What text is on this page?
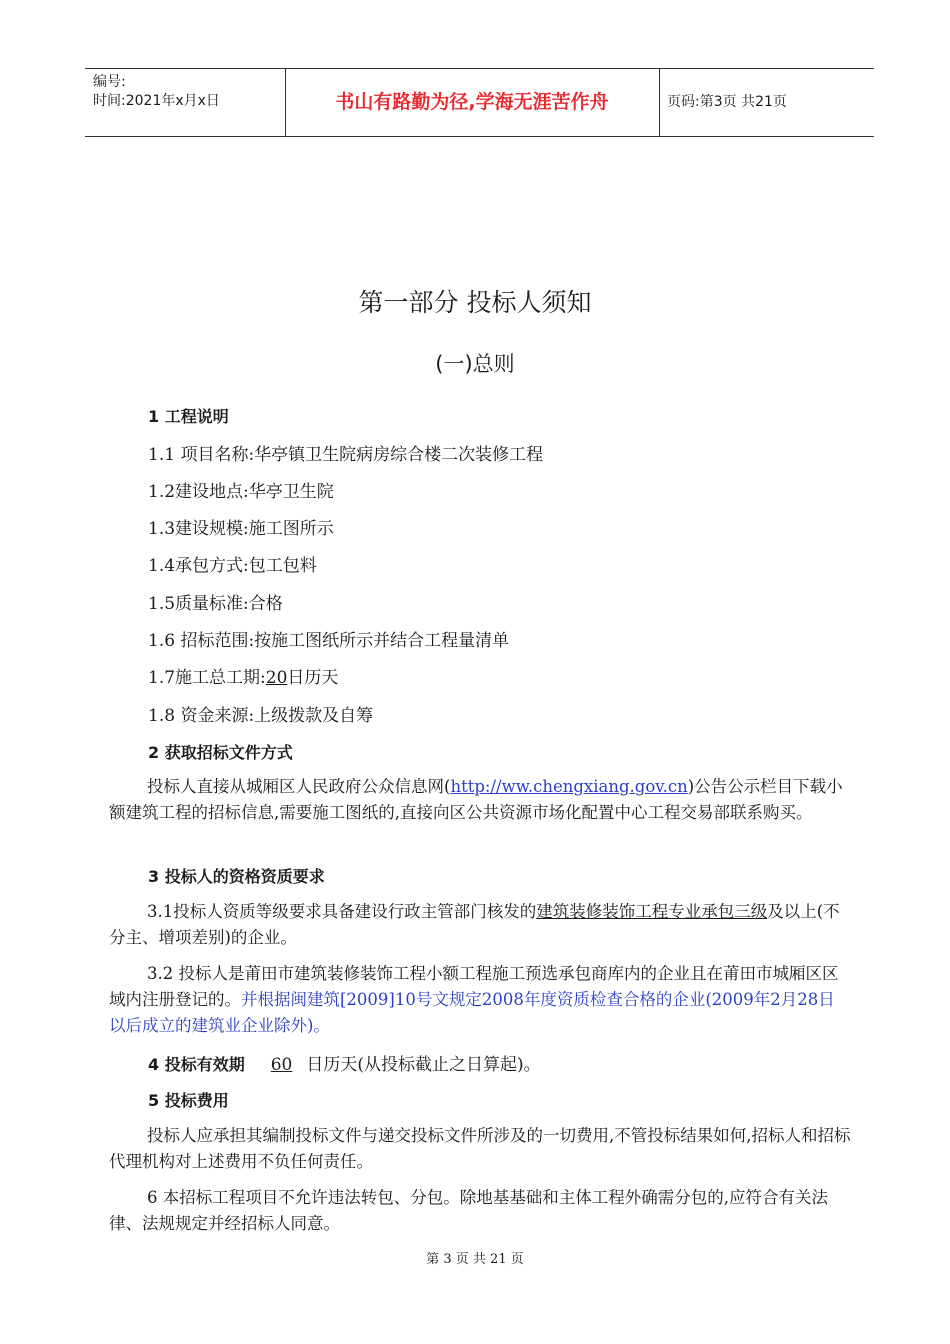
编号:
时间:2021年x月x日	书山有路勤为径,学海无涯苦作舟	页码:第3页 共21页
第一部分 投标人须知
(一)总则
1 工程说明
1.1 项目名称:华亭镇卫生院病房综合楼二次装修工程
1.2建设地点:华亭卫生院
1.3建设规模:施工图所示
1.4承包方式:包工包料
1.5质量标准:合格
1.6 招标范围:按施工图纸所示并结合工程量清单
1.7施工总工期:20日历天
1.8 资金来源:上级拨款及自筹
2 获取招标文件方式
投标人直接从城厢区人民政府公众信息网(http://ww.chengxiang.gov.cn)公告公示栏目下载小额建筑工程的招标信息,需要施工图纸的,直接向区公共资源市场化配置中心工程交易部联系购买。
3 投标人的资格资质要求
3.1投标人资质等级要求具备建设行政主管部门核发的建筑装修装饰工程专业承包三级及以上(不分主、增项差别)的企业。
3.2 投标人是莆田市建筑装修装饰工程小额工程施工预选承包商库内的企业且在莆田市城厢区区域内注册登记的。并根据闽建筑[2009]10号文规定2008年度资质检查合格的企业(2009年2月28日以后成立的建筑业企业除外)。
4 投标有效期 60 日历天(从投标截止之日算起)。
5 投标费用
投标人应承担其编制投标文件与递交投标文件所涉及的一切费用,不管投标结果如何,招标人和招标代理机构对上述费用不负任何责任。
6 本招标工程项目不允许违法转包、分包。除地基基础和主体工程外确需分包的,应符合有关法律、法规规定并经招标人同意。
第 3 页 共 21 页
